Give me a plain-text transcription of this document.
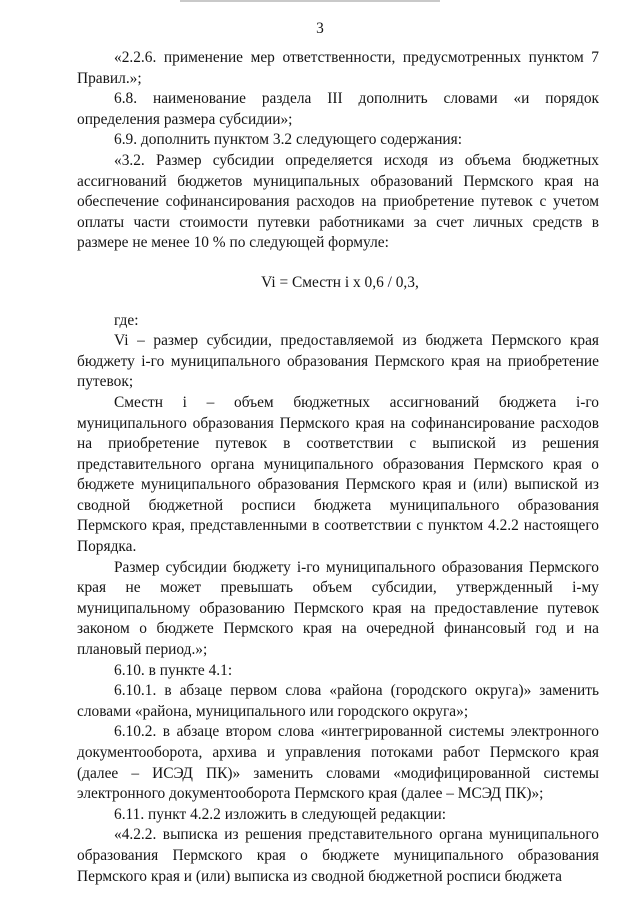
3

«2.2.6. применение мер ответственности, предусмотренных пунктом 7 Правил.»;

6.8. наименование раздела III дополнить словами «и порядок определения размера субсидии»;

6.9. дополнить пунктом 3.2 следующего содержания:

«3.2. Размер субсидии определяется исходя из объема бюджетных ассигнований бюджетов муниципальных образований Пермского края на обеспечение софинансирования расходов на приобретение путевок с учетом оплаты части стоимости путевки работниками за счет личных средств в размере не менее 10 % по следующей формуле:

Vi = Cместн i x 0,6 / 0,3,

где:

Vi – размер субсидии, предоставляемой из бюджета Пермского края бюджету i-го муниципального образования Пермского края на приобретение путевок;

Cместн i – объем бюджетных ассигнований бюджета i-го муниципального образования Пермского края на софинансирование расходов на приобретение путевок в соответствии с выпиской из решения представительного органа муниципального образования Пермского края о бюджете муниципального образования Пермского края и (или) выпиской из сводной бюджетной росписи бюджета муниципального образования Пермского края, представленными в соответствии с пунктом 4.2.2 настоящего Порядка.

Размер субсидии бюджету i-го муниципального образования Пермского края не может превышать объем субсидии, утвержденный i-му муниципальному образованию Пермского края на предоставление путевок законом о бюджете Пермского края на очередной финансовый год и на плановый период.»;

6.10. в пункте 4.1:

6.10.1. в абзаце первом слова «района (городского округа)» заменить словами «района, муниципального или городского округа»;

6.10.2. в абзаце втором слова «интегрированной системы электронного документооборота, архива и управления потоками работ Пермского края (далее – ИСЭД ПК)» заменить словами «модифицированной системы электронного документооборота Пермского края (далее – МСЭД ПК)»;

6.11. пункт 4.2.2 изложить в следующей редакции:

«4.2.2. выписка из решения представительного органа муниципального образования Пермского края о бюджете муниципального образования Пермского края и (или) выписка из сводной бюджетной росписи бюджета
